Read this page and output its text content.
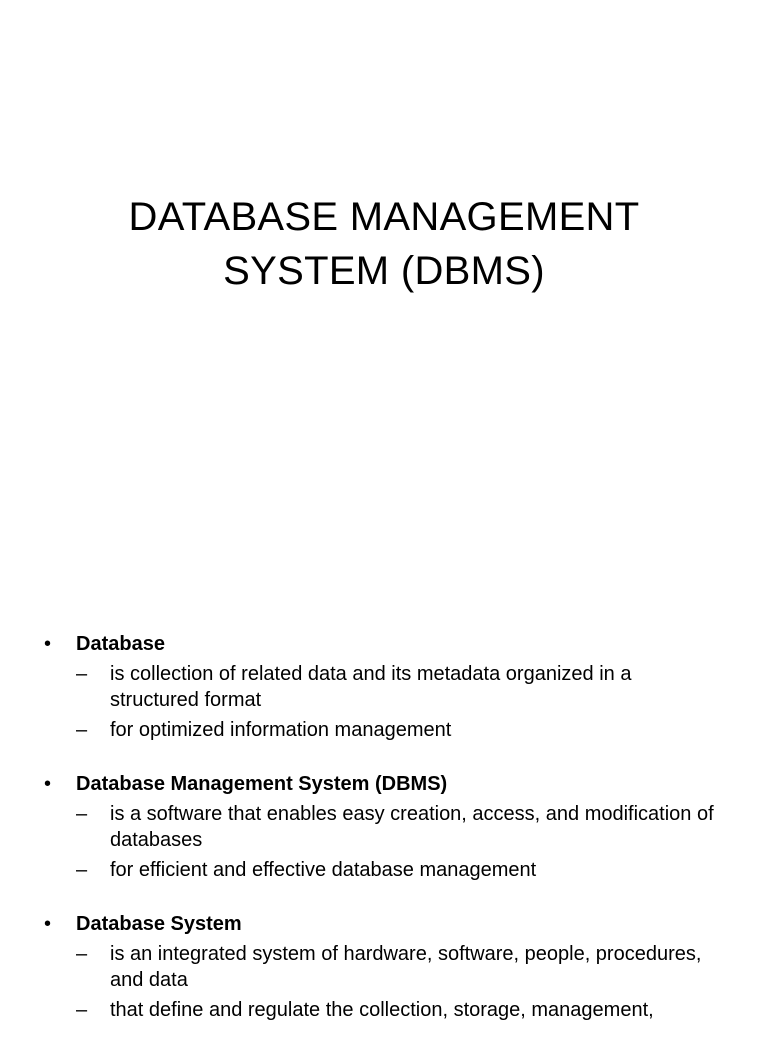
DATABASE MANAGEMENT
SYSTEM (DBMS)
• Database
– is collection of related data and its metadata organized in a structured format
– for optimized information management
• Database Management System (DBMS)
– is a software that enables easy creation, access, and modification of databases
– for efficient and effective database management
• Database System
– is an integrated system of hardware, software, people, procedures, and data
– that define and regulate the collection, storage, management,
